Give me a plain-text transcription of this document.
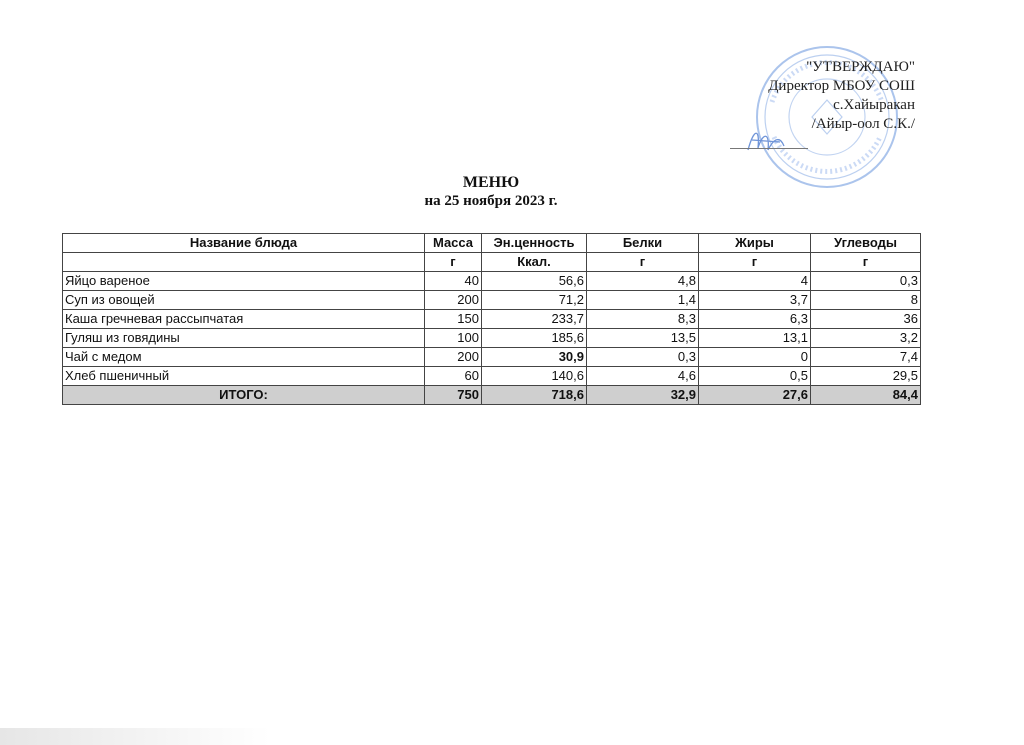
"УТВЕРЖДАЮ"
Директор МБОУ СОШ
с.Хайыракан
/Айыр-оол С.К./
МЕНЮ
на 25 ноября 2023 г.
Название блюда	Масса	Эн.ценность	Белки	Жиры	Углеводы
	г	Ккал.	г	г	г
Яйцо вареное	40	56,6	4,8	4	0,3
Суп из овощей	200	71,2	1,4	3,7	8
Каша гречневая рассыпчатая	150	233,7	8,3	6,3	36
Гуляш из говядины	100	185,6	13,5	13,1	3,2
Чай с медом	200	30,9	0,3	0	7,4
Хлеб пшеничный	60	140,6	4,6	0,5	29,5
ИТОГО:	750	718,6	32,9	27,6	84,4
